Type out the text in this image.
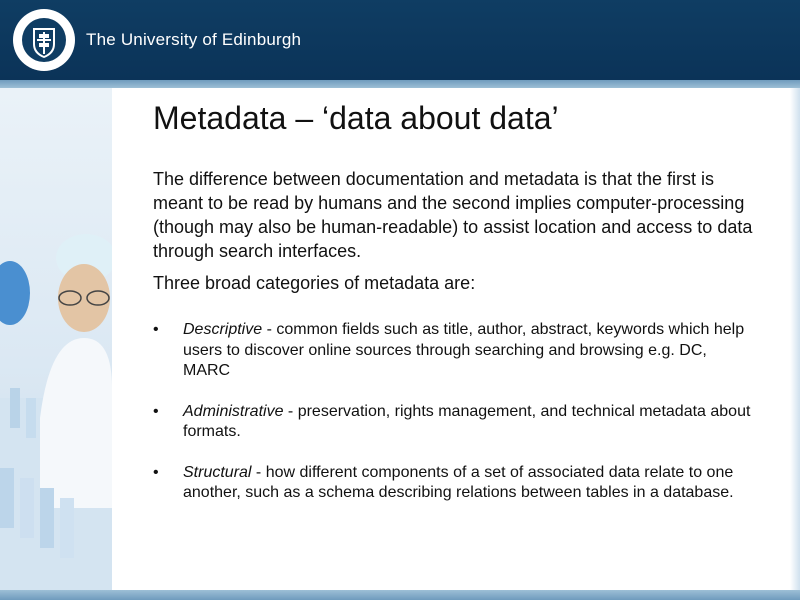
The University of Edinburgh
Metadata – ‘data about data’
The difference between documentation and metadata is that the first is meant to be read by humans and the second implies computer-processing (though may also be human-readable) to assist location and access to data through search interfaces.
Three broad categories of metadata are:
• Descriptive - common fields such as title, author, abstract, keywords which help users to discover online sources through searching and browsing e.g. DC, MARC
• Administrative - preservation, rights management, and technical metadata about formats.
• Structural - how different components of a set of associated data relate to one another, such as a schema describing relations between tables in a database.
